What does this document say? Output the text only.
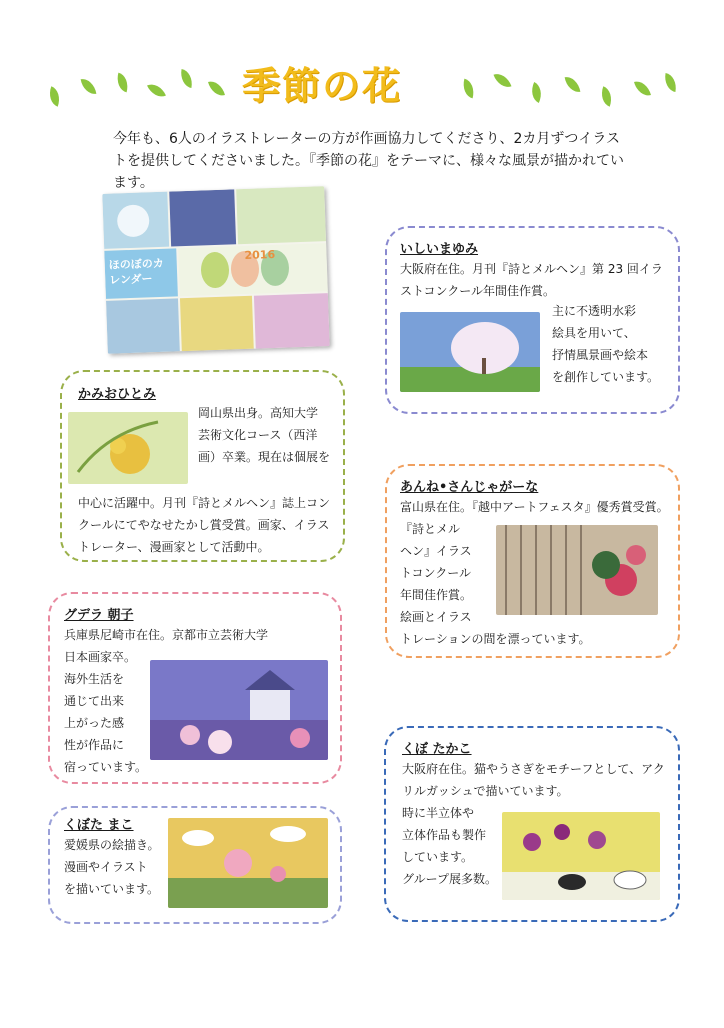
季節の花
今年も、6人のイラストレーターの方が作画協力してくださり、2カ月ずつイラストを提供してくださいました。『季節の花』をテーマに、様々な風景が描かれています。
ほのぼのカレンダー
2016	いしいまゆみ
大阪府在住。月刊『詩とメルヘン』第 23 回イラストコンクール年間佳作賞。
主に不透明水彩
絵具を用いて、
抒情風景画や絵本
を創作しています。
かみおひとみ
岡山県出身。高知大学
芸術文化コース（西洋
画）卒業。現在は個展を
中心に活躍中。月刊『詩とメルヘン』誌上コンクールにてやなせたかし賞受賞。画家、イラストレーター、漫画家として活動中。
あんね•さんじゃがーな
富山県在住。『越中アートフェスタ』優秀賞受賞。
『詩とメル
ヘン』イラス
トコンクール
年間佳作賞。
絵画とイラス
トレーションの間を漂っています。
グデラ 朝子
兵庫県尼崎市在住。京都市立芸術大学
日本画家卒。
海外生活を
通じて出来
上がった感
性が作品に
宿っています。
くぼ たかこ
大阪府在住。猫やうさぎをモチーフとして、アクリルガッシュで描いています。
時に半立体や
立体作品も製作
しています。
グループ展多数。
くぼた まこ
愛媛県の絵描き。
漫画やイラスト
を描いています。
